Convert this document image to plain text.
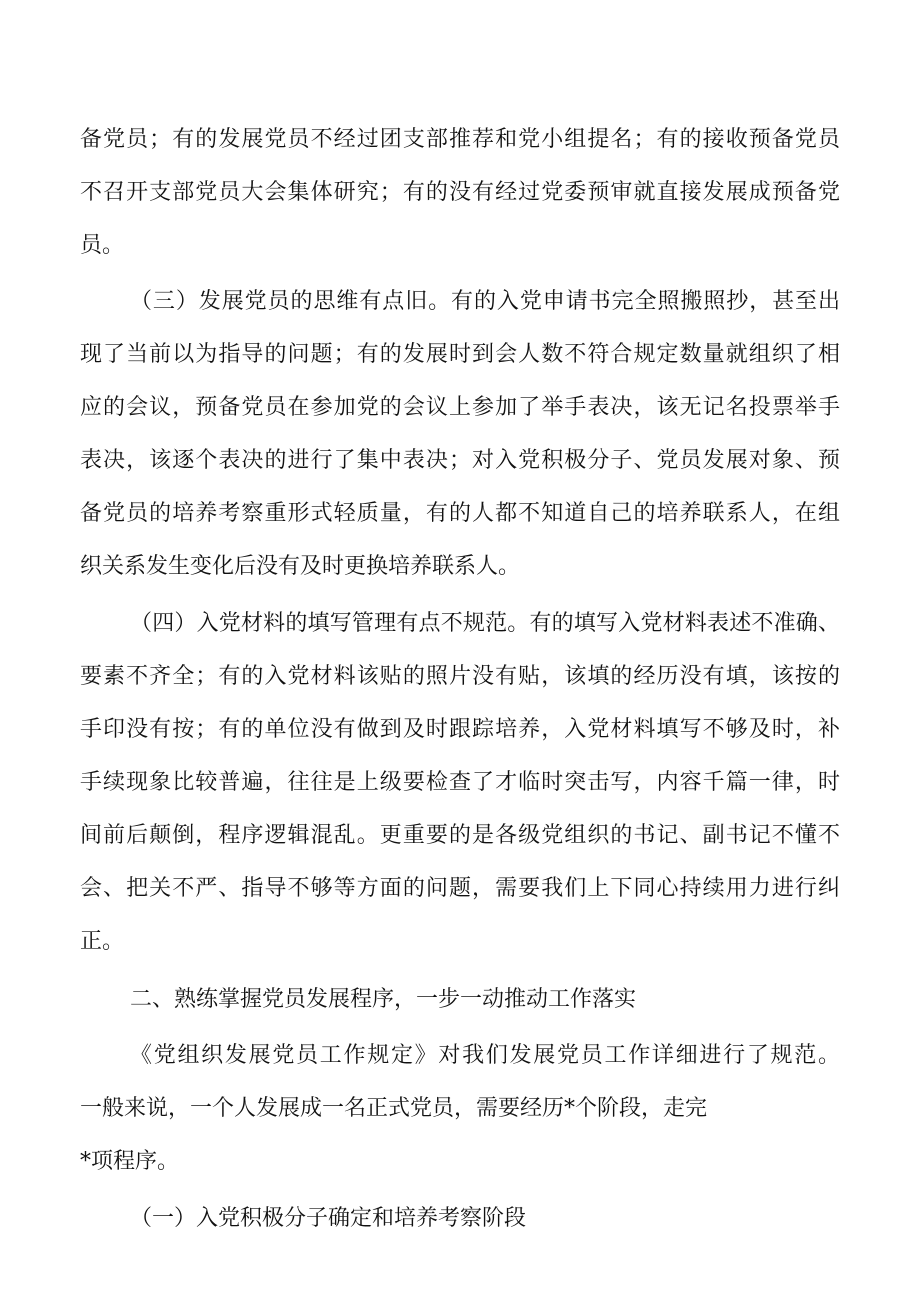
备党员；有的发展党员不经过团支部推荐和党小组提名；有的接收预备党员
不召开支部党员大会集体研究；有的没有经过党委预审就直接发展成预备党
员。
（三）发展党员的思维有点旧。有的入党申请书完全照搬照抄，甚至出
现了当前以为指导的问题；有的发展时到会人数不符合规定数量就组织了相
应的会议，预备党员在参加党的会议上参加了举手表决，该无记名投票举手
表决，该逐个表决的进行了集中表决；对入党积极分子、党员发展对象、预
备党员的培养考察重形式轻质量，有的人都不知道自己的培养联系人，在组
织关系发生变化后没有及时更换培养联系人。
（四）入党材料的填写管理有点不规范。有的填写入党材料表述不准确、
要素不齐全；有的入党材料该贴的照片没有贴，该填的经历没有填，该按的
手印没有按；有的单位没有做到及时跟踪培养，入党材料填写不够及时，补
手续现象比较普遍，往往是上级要检查了才临时突击写，内容千篇一律，时
间前后颠倒，程序逻辑混乱。更重要的是各级党组织的书记、副书记不懂不
会、把关不严、指导不够等方面的问题，需要我们上下同心持续用力进行纠
正。
二、熟练掌握党员发展程序，一步一动推动工作落实
《党组织发展党员工作规定》对我们发展党员工作详细进行了规范。
一般来说，一个人发展成一名正式党员，需要经历*个阶段，走完
*项程序。
（一）入党积极分子确定和培养考察阶段
